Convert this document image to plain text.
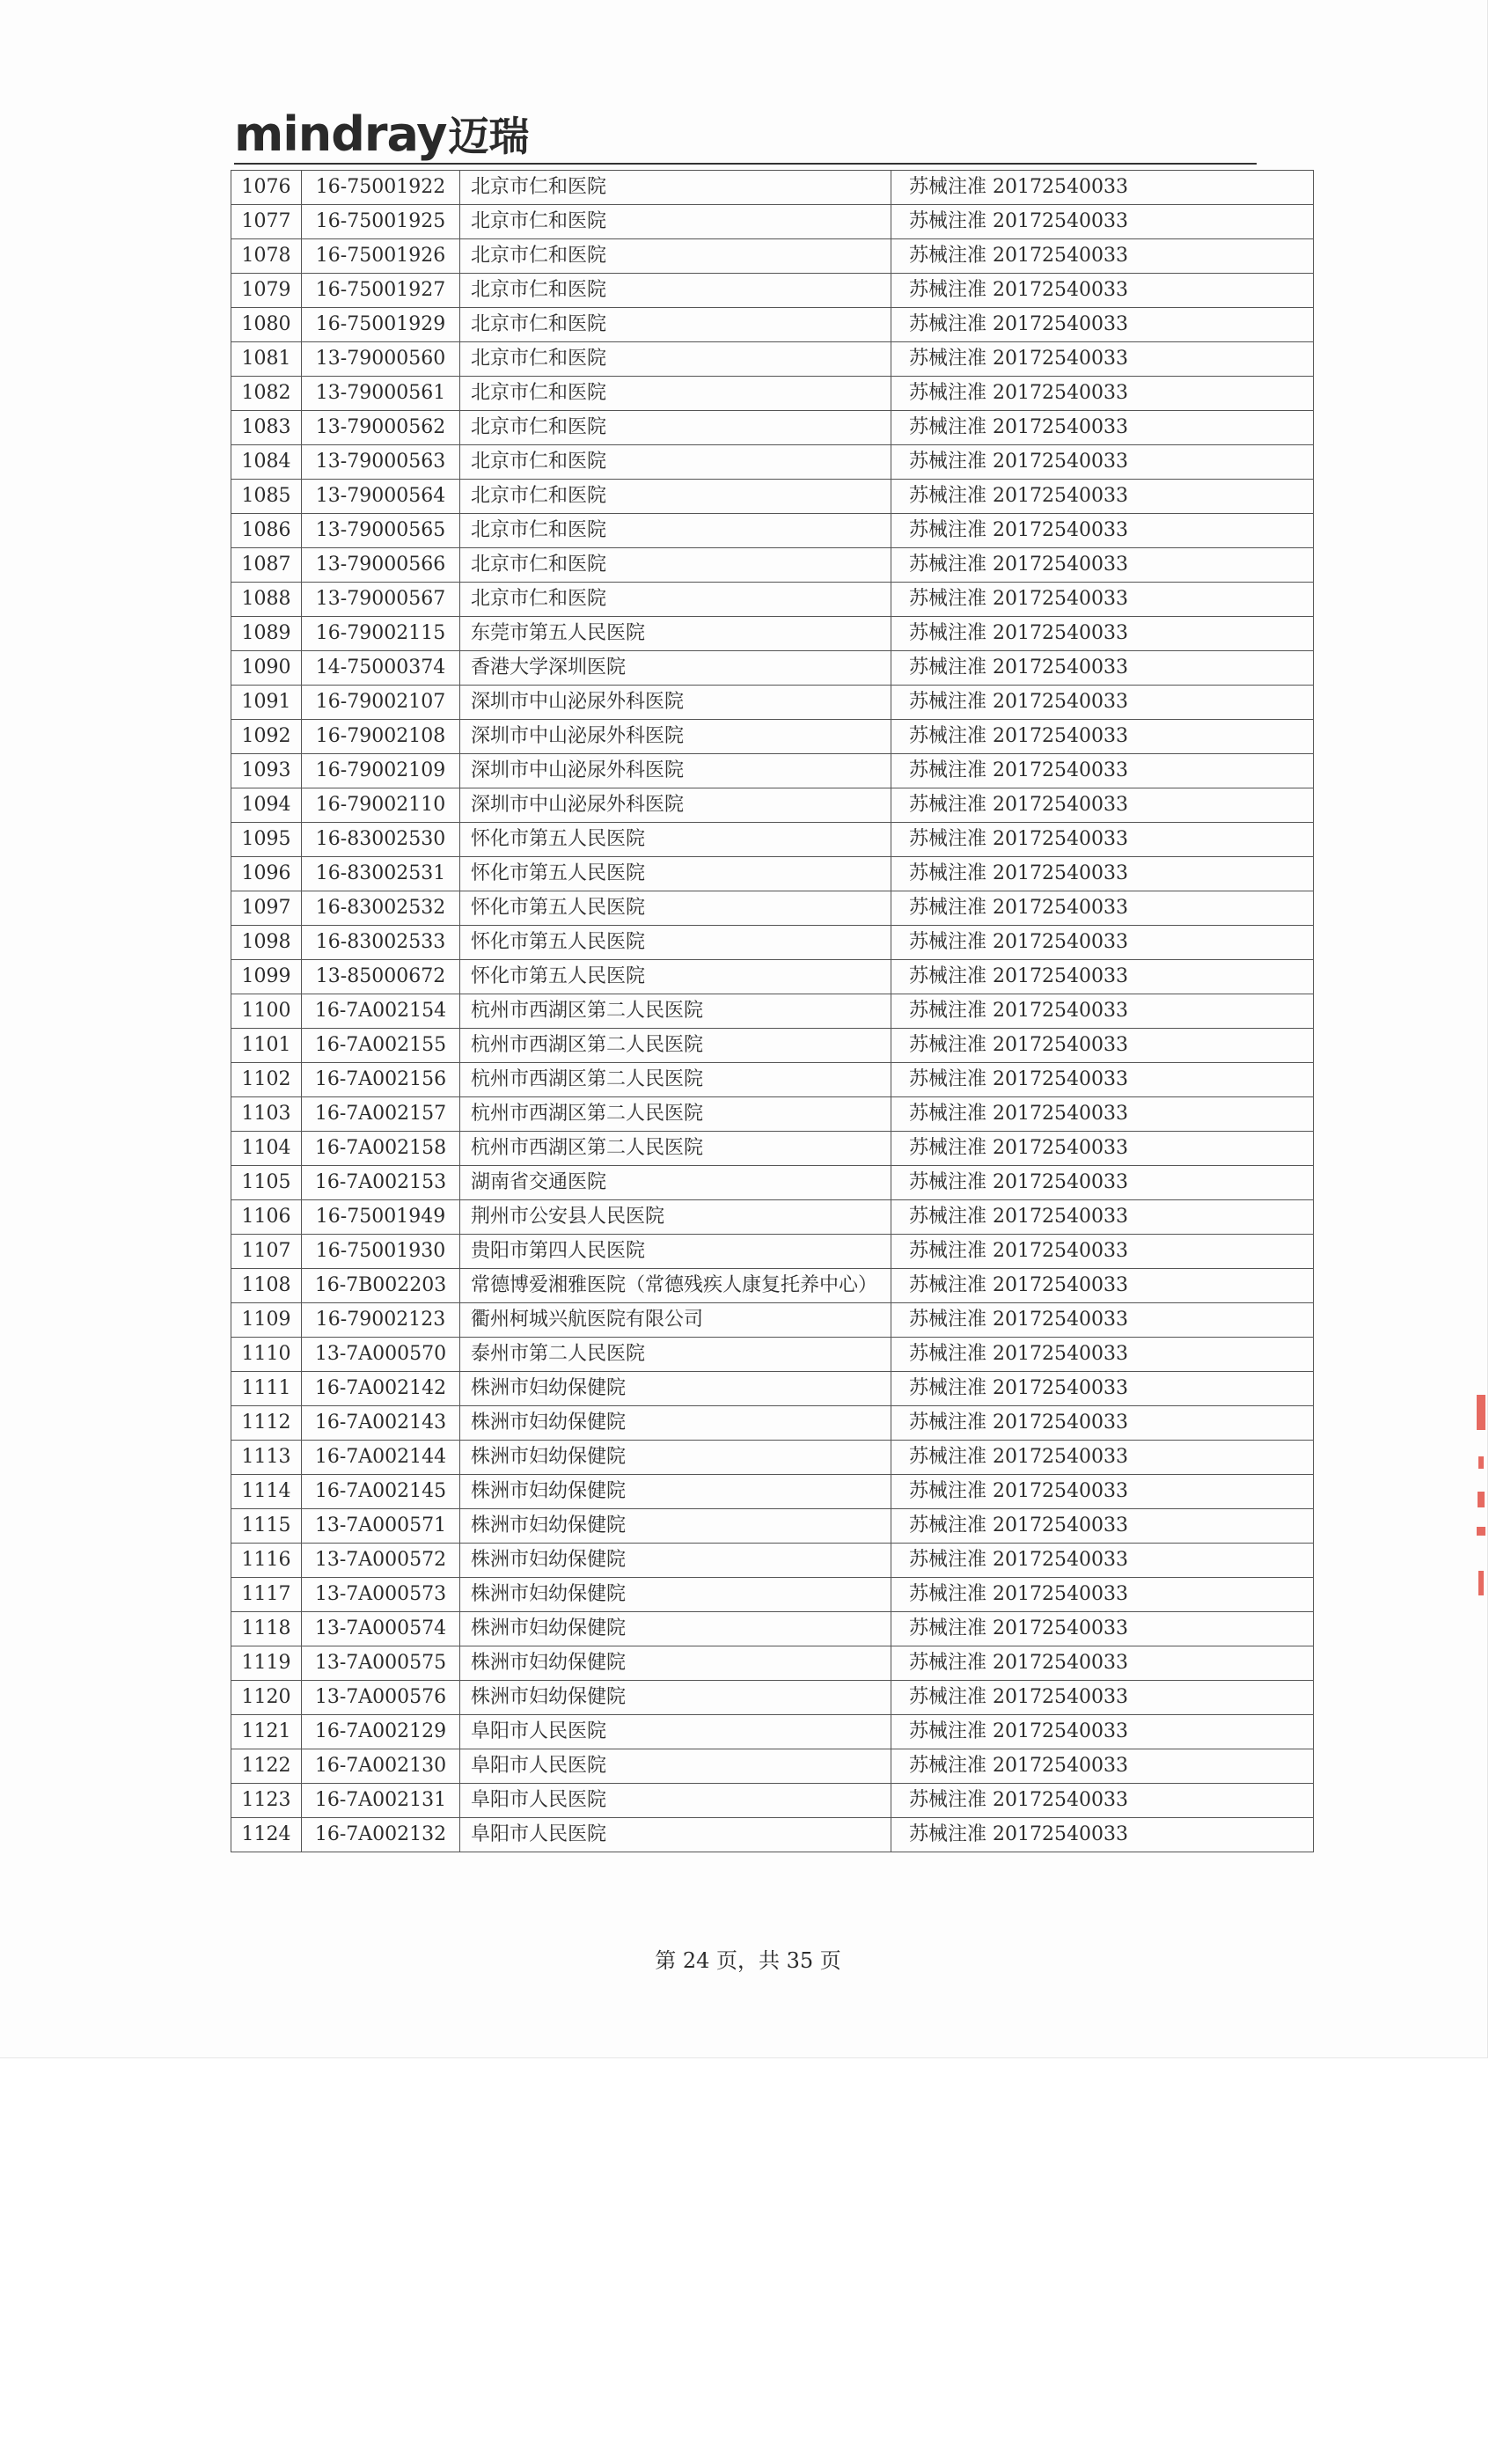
mindray 迈瑞
1076	16-75001922	北京市仁和医院	苏械注准 20172540033
1077	16-75001925	北京市仁和医院	苏械注准 20172540033
1078	16-75001926	北京市仁和医院	苏械注准 20172540033
1079	16-75001927	北京市仁和医院	苏械注准 20172540033
1080	16-75001929	北京市仁和医院	苏械注准 20172540033
1081	13-79000560	北京市仁和医院	苏械注准 20172540033
1082	13-79000561	北京市仁和医院	苏械注准 20172540033
1083	13-79000562	北京市仁和医院	苏械注准 20172540033
1084	13-79000563	北京市仁和医院	苏械注准 20172540033
1085	13-79000564	北京市仁和医院	苏械注准 20172540033
1086	13-79000565	北京市仁和医院	苏械注准 20172540033
1087	13-79000566	北京市仁和医院	苏械注准 20172540033
1088	13-79000567	北京市仁和医院	苏械注准 20172540033
1089	16-79002115	东莞市第五人民医院	苏械注准 20172540033
1090	14-75000374	香港大学深圳医院	苏械注准 20172540033
1091	16-79002107	深圳市中山泌尿外科医院	苏械注准 20172540033
1092	16-79002108	深圳市中山泌尿外科医院	苏械注准 20172540033
1093	16-79002109	深圳市中山泌尿外科医院	苏械注准 20172540033
1094	16-79002110	深圳市中山泌尿外科医院	苏械注准 20172540033
1095	16-83002530	怀化市第五人民医院	苏械注准 20172540033
1096	16-83002531	怀化市第五人民医院	苏械注准 20172540033
1097	16-83002532	怀化市第五人民医院	苏械注准 20172540033
1098	16-83002533	怀化市第五人民医院	苏械注准 20172540033
1099	13-85000672	怀化市第五人民医院	苏械注准 20172540033
1100	16-7A002154	杭州市西湖区第二人民医院	苏械注准 20172540033
1101	16-7A002155	杭州市西湖区第二人民医院	苏械注准 20172540033
1102	16-7A002156	杭州市西湖区第二人民医院	苏械注准 20172540033
1103	16-7A002157	杭州市西湖区第二人民医院	苏械注准 20172540033
1104	16-7A002158	杭州市西湖区第二人民医院	苏械注准 20172540033
1105	16-7A002153	湖南省交通医院	苏械注准 20172540033
1106	16-75001949	荆州市公安县人民医院	苏械注准 20172540033
1107	16-75001930	贵阳市第四人民医院	苏械注准 20172540033
1108	16-7B002203	常德博爱湘雅医院（常德残疾人康复托养中心）	苏械注准 20172540033
1109	16-79002123	衢州柯城兴航医院有限公司	苏械注准 20172540033
1110	13-7A000570	泰州市第二人民医院	苏械注准 20172540033
1111	16-7A002142	株洲市妇幼保健院	苏械注准 20172540033
1112	16-7A002143	株洲市妇幼保健院	苏械注准 20172540033
1113	16-7A002144	株洲市妇幼保健院	苏械注准 20172540033
1114	16-7A002145	株洲市妇幼保健院	苏械注准 20172540033
1115	13-7A000571	株洲市妇幼保健院	苏械注准 20172540033
1116	13-7A000572	株洲市妇幼保健院	苏械注准 20172540033
1117	13-7A000573	株洲市妇幼保健院	苏械注准 20172540033
1118	13-7A000574	株洲市妇幼保健院	苏械注准 20172540033
1119	13-7A000575	株洲市妇幼保健院	苏械注准 20172540033
1120	13-7A000576	株洲市妇幼保健院	苏械注准 20172540033
1121	16-7A002129	阜阳市人民医院	苏械注准 20172540033
1122	16-7A002130	阜阳市人民医院	苏械注准 20172540033
1123	16-7A002131	阜阳市人民医院	苏械注准 20172540033
1124	16-7A002132	阜阳市人民医院	苏械注准 20172540033
第 24 页，共 35 页
